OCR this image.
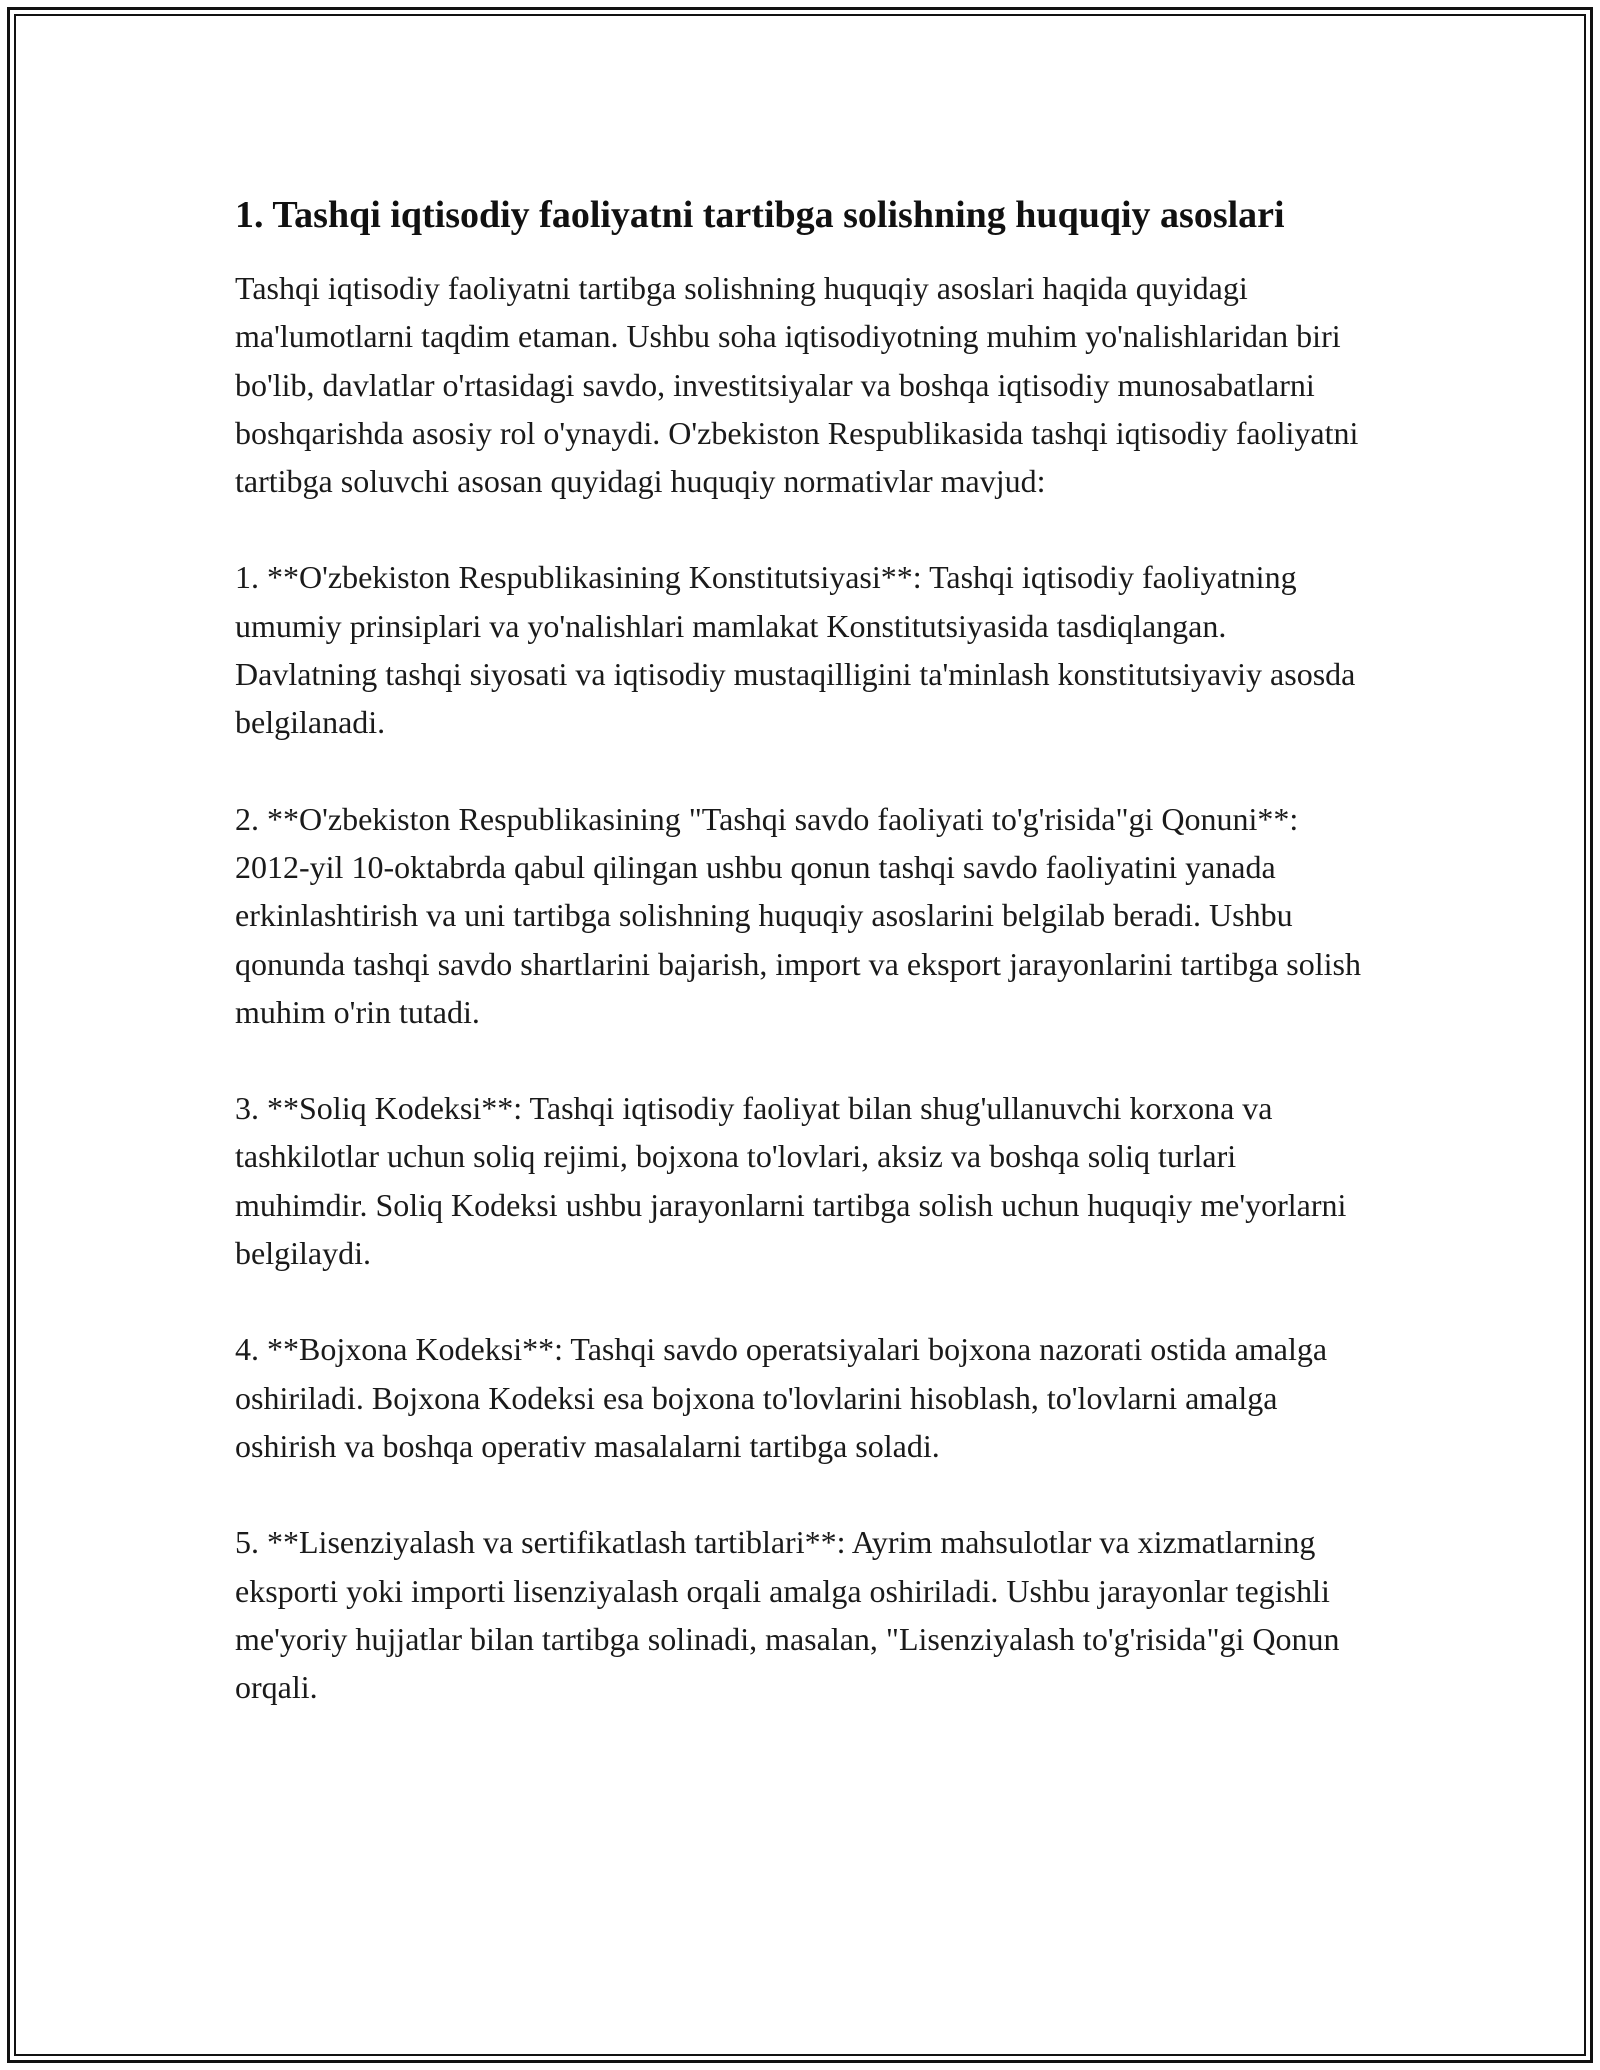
1. Tashqi iqtisodiy faoliyatni tartibga solishning huquqiy asoslari

Tashqi iqtisodiy faoliyatni tartibga solishning huquqiy asoslari haqida quyidagi ma'lumotlarni taqdim etaman. Ushbu soha iqtisodiyotning muhim yo'nalishlaridan biri bo'lib, davlatlar o'rtasidagi savdo, investitsiyalar va boshqa iqtisodiy munosabatlarni boshqarishda asosiy rol o'ynaydi. O'zbekiston Respublikasida tashqi iqtisodiy faoliyatni tartibga soluvchi asosan quyidagi huquqiy normativlar mavjud:

1. **O'zbekiston Respublikasining Konstitutsiyasi**: Tashqi iqtisodiy faoliyatning umumiy prinsiplari va yo'nalishlari mamlakat Konstitutsiyasida tasdiqlangan. Davlatning tashqi siyosati va iqtisodiy mustaqilligini ta'minlash konstitutsiyaviy asosda belgilanadi.

2. **O'zbekiston Respublikasining "Tashqi savdo faoliyati to'g'risida"gi Qonuni**: 2012-yil 10-oktabrda qabul qilingan ushbu qonun tashqi savdo faoliyatini yanada erkinlashtirish va uni tartibga solishning huquqiy asoslarini belgilab beradi. Ushbu qonunda tashqi savdo shartlarini bajarish, import va eksport jarayonlarini tartibga solish muhim o'rin tutadi.

3. **Soliq Kodeksi**: Tashqi iqtisodiy faoliyat bilan shug'ullanuvchi korxona va tashkilotlar uchun soliq rejimi, bojxona to'lovlari, aksiz va boshqa soliq turlari muhimdir. Soliq Kodeksi ushbu jarayonlarni tartibga solish uchun huquqiy me'yorlarni belgilaydi.

4. **Bojxona Kodeksi**: Tashqi savdo operatsiyalari bojxona nazorati ostida amalga oshiriladi. Bojxona Kodeksi esa bojxona to'lovlarini hisoblash, to'lovlarni amalga oshirish va boshqa operativ masalalarni tartibga soladi.

5. **Lisenziyalash va sertifikatlash tartiblari**: Ayrim mahsulotlar va xizmatlarning eksporti yoki importi lisenziyalash orqali amalga oshiriladi. Ushbu jarayonlar tegishli me'yoriy hujjatlar bilan tartibga solinadi, masalan, "Lisenziyalash to'g'risida"gi Qonun orqali.
